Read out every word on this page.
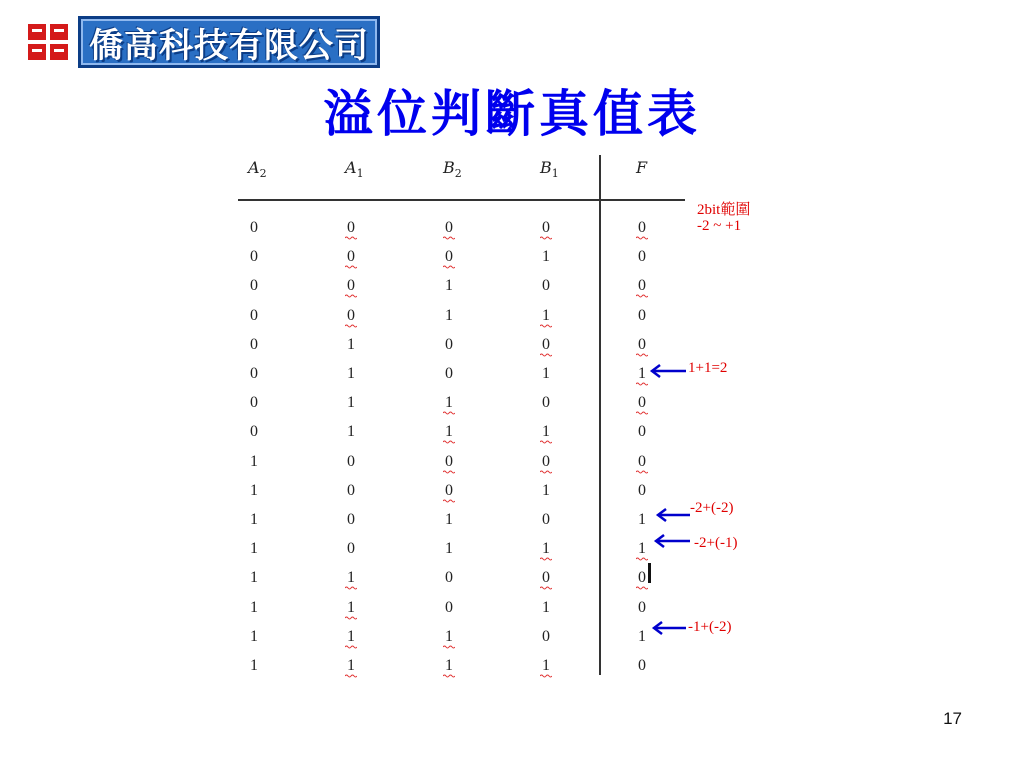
僑高科技有限公司
溢位判斷真值表
$A_2$	$A_1$	$B_2$	$B_1$	F
0	0	0	0	0
0	0	0	1	0
0	0	1	0	0
0	0	1	1	0
0	1	0	0	0
0	1	0	1	1
0	1	1	0	0
0	1	1	1	0
1	0	0	0	0
1	0	0	1	0
1	0	1	0	1
1	0	1	1	1
1	1	0	0	0
1	1	0	1	0
1	1	1	0	1
1	1	1	1	0
2bit範圍
-2 ~ +1
1+1=2
-2+(-2)
-2+(-1)
-1+(-2)
17
